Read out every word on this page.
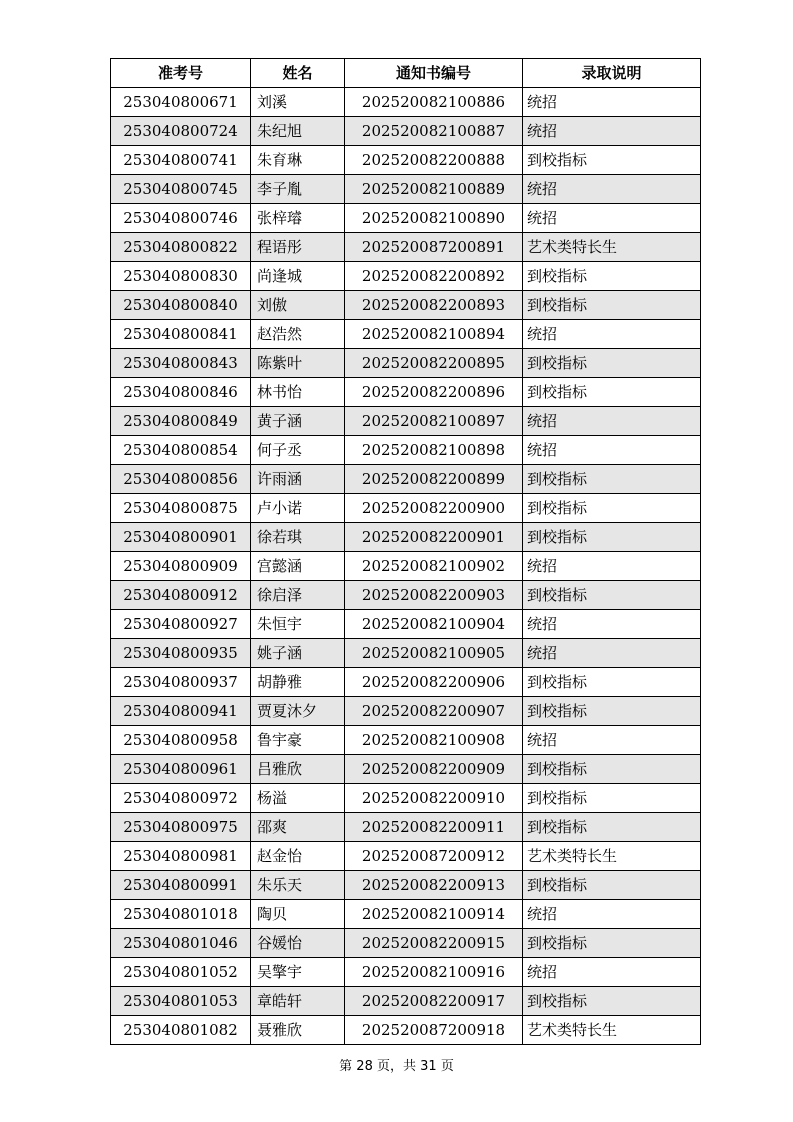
准考号	姓名	通知书编号	录取说明
253040800671	刘溪	202520082100886	统招
253040800724	朱纪旭	202520082100887	统招
253040800741	朱育琳	202520082200888	到校指标
253040800745	李子胤	202520082100889	统招
253040800746	张梓璿	202520082100890	统招
253040800822	程语彤	202520087200891	艺术类特长生
253040800830	尚逢城	202520082200892	到校指标
253040800840	刘傲	202520082200893	到校指标
253040800841	赵浩然	202520082100894	统招
253040800843	陈紫叶	202520082200895	到校指标
253040800846	林书怡	202520082200896	到校指标
253040800849	黄子涵	202520082100897	统招
253040800854	何子丞	202520082100898	统招
253040800856	许雨涵	202520082200899	到校指标
253040800875	卢小诺	202520082200900	到校指标
253040800901	徐若琪	202520082200901	到校指标
253040800909	宫懿涵	202520082100902	统招
253040800912	徐启泽	202520082200903	到校指标
253040800927	朱恒宇	202520082100904	统招
253040800935	姚子涵	202520082100905	统招
253040800937	胡静雅	202520082200906	到校指标
253040800941	贾夏沐夕	202520082200907	到校指标
253040800958	鲁宇豪	202520082100908	统招
253040800961	吕雅欣	202520082200909	到校指标
253040800972	杨溢	202520082200910	到校指标
253040800975	邵爽	202520082200911	到校指标
253040800981	赵金怡	202520087200912	艺术类特长生
253040800991	朱乐天	202520082200913	到校指标
253040801018	陶贝	202520082100914	统招
253040801046	谷媛怡	202520082200915	到校指标
253040801052	吴擎宇	202520082100916	统招
253040801053	章皓轩	202520082200917	到校指标
253040801082	聂雅欣	202520087200918	艺术类特长生
第 28 页，共 31 页
